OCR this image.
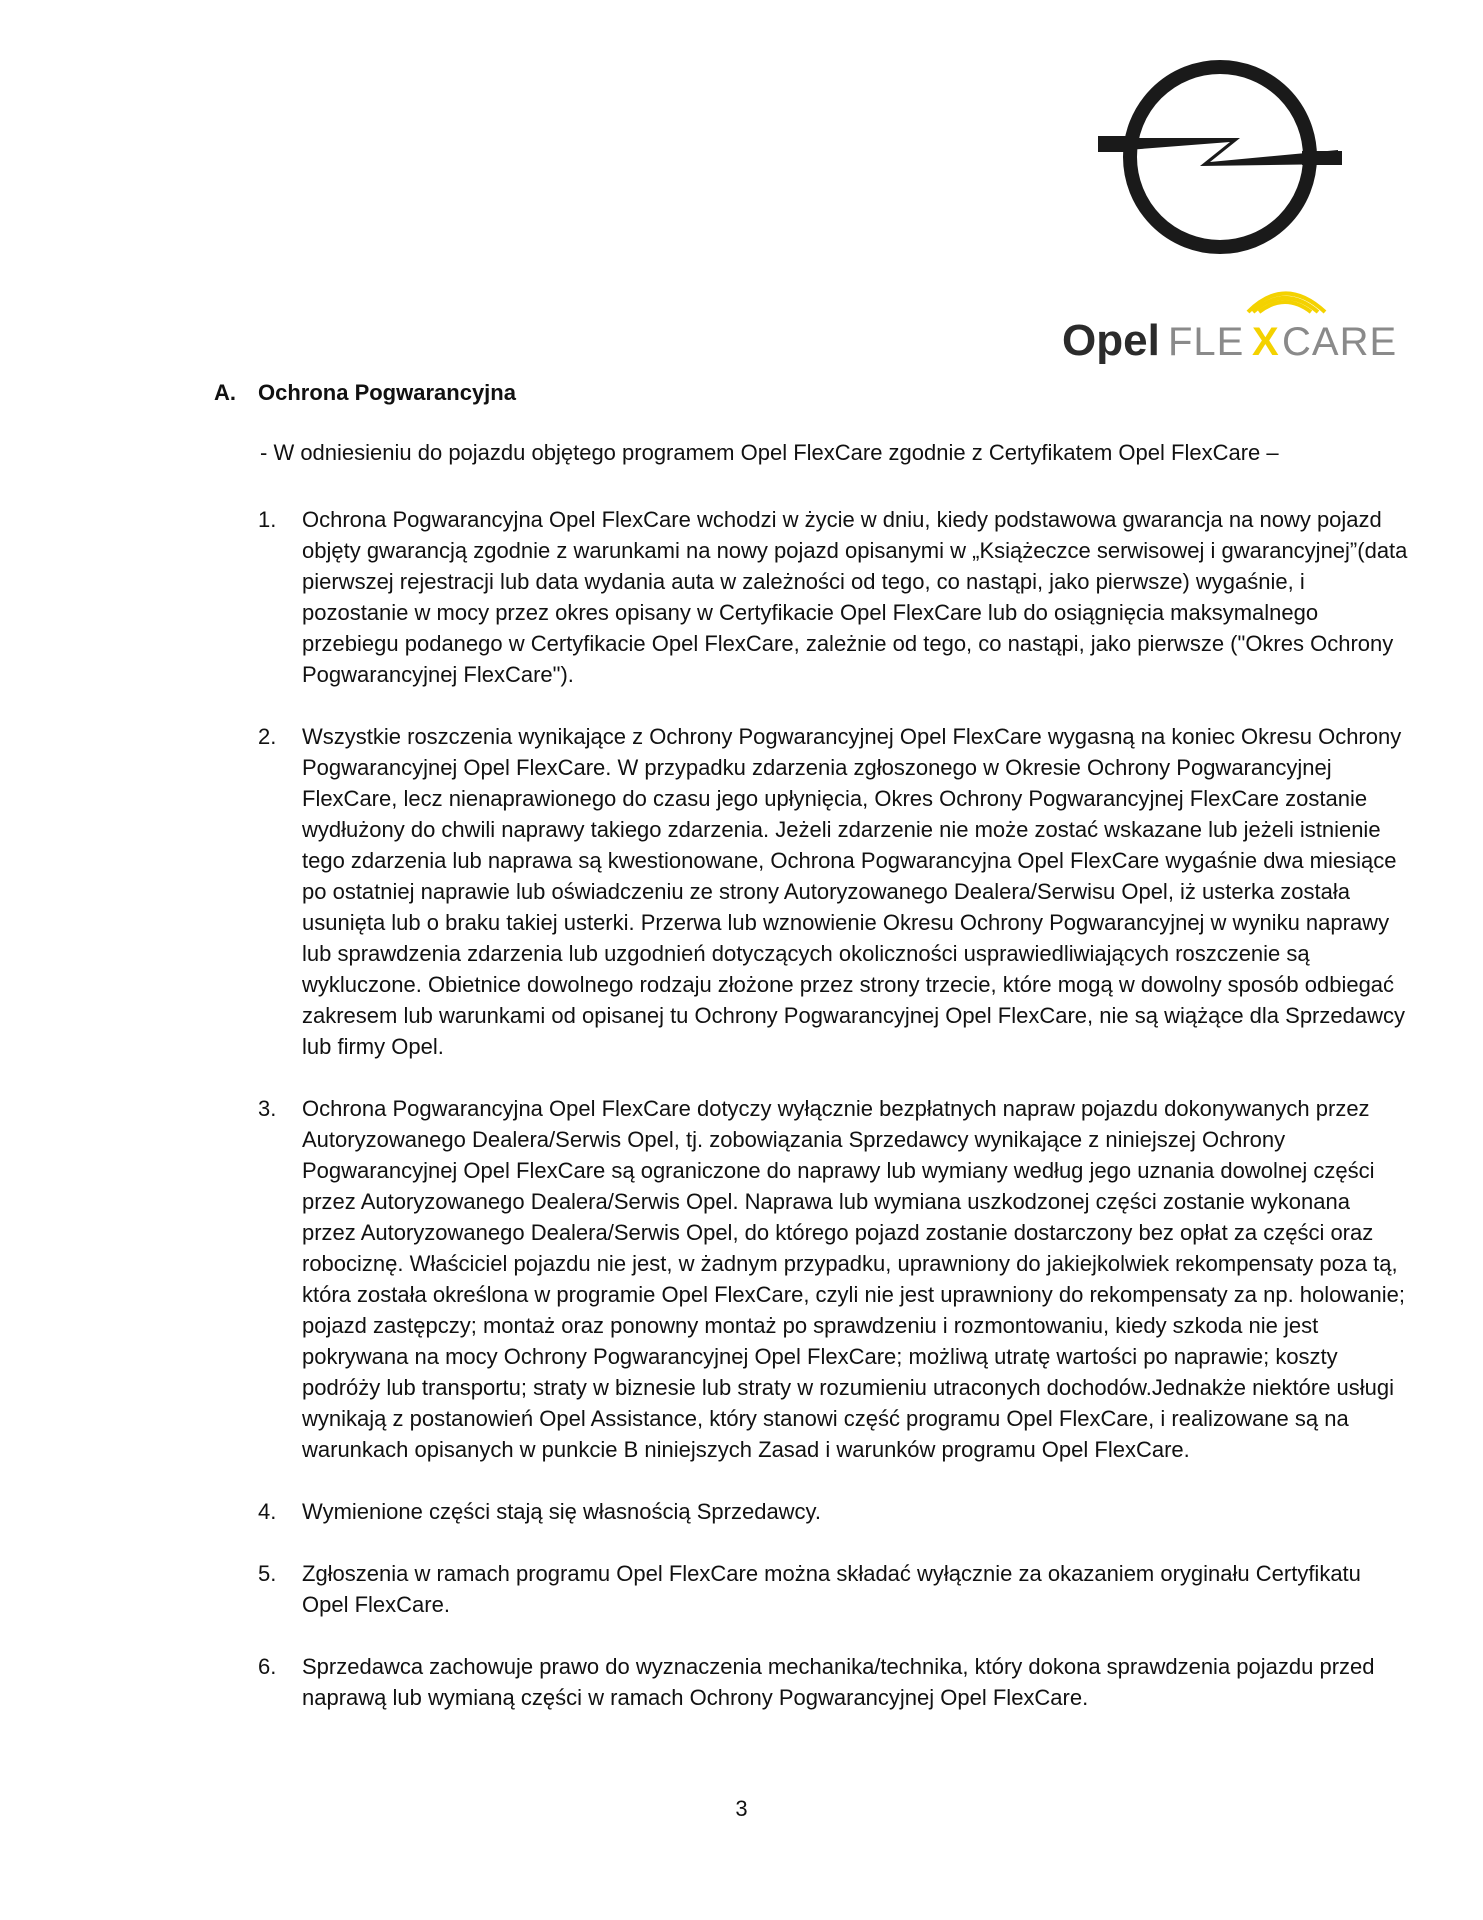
Opel FLE X CARE
A. Ochrona Pogwarancyjna
- W odniesieniu do pojazdu objętego programem Opel FlexCare zgodnie z Certyfikatem Opel FlexCare –
1.	Ochrona Pogwarancyjna Opel FlexCare wchodzi w życie w dniu, kiedy podstawowa gwarancja na nowy pojazd objęty gwarancją zgodnie z warunkami na nowy pojazd opisanymi w „Książeczce serwisowej i gwarancyjnej”(data pierwszej rejestracji lub data wydania auta w zależności od tego, co nastąpi, jako pierwsze) wygaśnie, i pozostanie w mocy przez okres opisany w Certyfikacie Opel FlexCare lub do osiągnięcia maksymalnego przebiegu podanego w Certyfikacie Opel FlexCare, zależnie od tego, co nastąpi, jako pierwsze ("Okres Ochrony Pogwarancyjnej FlexCare").
2.	Wszystkie roszczenia wynikające z Ochrony Pogwarancyjnej Opel FlexCare wygasną na koniec Okresu Ochrony Pogwarancyjnej Opel FlexCare. W przypadku zdarzenia zgłoszonego w Okresie Ochrony Pogwarancyjnej FlexCare, lecz nienaprawionego do czasu jego upłynięcia, Okres Ochrony Pogwarancyjnej FlexCare zostanie wydłużony do chwili naprawy takiego zdarzenia. Jeżeli zdarzenie nie może zostać wskazane lub jeżeli istnienie tego zdarzenia lub naprawa są kwestionowane, Ochrona Pogwarancyjna Opel FlexCare wygaśnie dwa miesiące po ostatniej naprawie lub oświadczeniu ze strony Autoryzowanego Dealera/Serwisu Opel, iż usterka została usunięta lub o braku takiej usterki. Przerwa lub wznowienie Okresu Ochrony Pogwarancyjnej w wyniku naprawy lub sprawdzenia zdarzenia lub uzgodnień dotyczących okoliczności usprawiedliwiających roszczenie są wykluczone. Obietnice dowolnego rodzaju złożone przez strony trzecie, które mogą w dowolny sposób odbiegać zakresem lub warunkami od opisanej tu Ochrony Pogwarancyjnej Opel FlexCare, nie są wiążące dla Sprzedawcy lub firmy Opel.
3.	Ochrona Pogwarancyjna Opel FlexCare dotyczy wyłącznie bezpłatnych napraw pojazdu dokonywanych przez Autoryzowanego Dealera/Serwis Opel, tj. zobowiązania Sprzedawcy wynikające z niniejszej Ochrony Pogwarancyjnej Opel FlexCare są ograniczone do naprawy lub wymiany według jego uznania dowolnej części przez Autoryzowanego Dealera/Serwis Opel. Naprawa lub wymiana uszkodzonej części zostanie wykonana przez Autoryzowanego Dealera/Serwis Opel, do którego pojazd zostanie dostarczony bez opłat za części oraz robociznę. Właściciel pojazdu nie jest, w żadnym przypadku, uprawniony do jakiejkolwiek rekompensaty poza tą, która została określona w programie Opel FlexCare, czyli nie jest uprawniony do rekompensaty za np. holowanie; pojazd zastępczy; montaż oraz ponowny montaż po sprawdzeniu i rozmontowaniu, kiedy szkoda nie jest pokrywana na mocy Ochrony Pogwarancyjnej Opel FlexCare; możliwą utratę wartości po naprawie; koszty podróży lub transportu; straty w biznesie lub straty w rozumieniu utraconych dochodów.Jednakże niektóre usługi wynikają z postanowień Opel Assistance, który stanowi część programu Opel FlexCare, i realizowane są na warunkach opisanych w punkcie B niniejszych Zasad i warunków programu Opel FlexCare.
4.	Wymienione części stają się własnością Sprzedawcy.
5.	Zgłoszenia w ramach programu Opel FlexCare można składać wyłącznie za okazaniem oryginału Certyfikatu Opel FlexCare.
6.	Sprzedawca zachowuje prawo do wyznaczenia mechanika/technika, który dokona sprawdzenia pojazdu przed naprawą lub wymianą części w ramach Ochrony Pogwarancyjnej Opel FlexCare.
3
